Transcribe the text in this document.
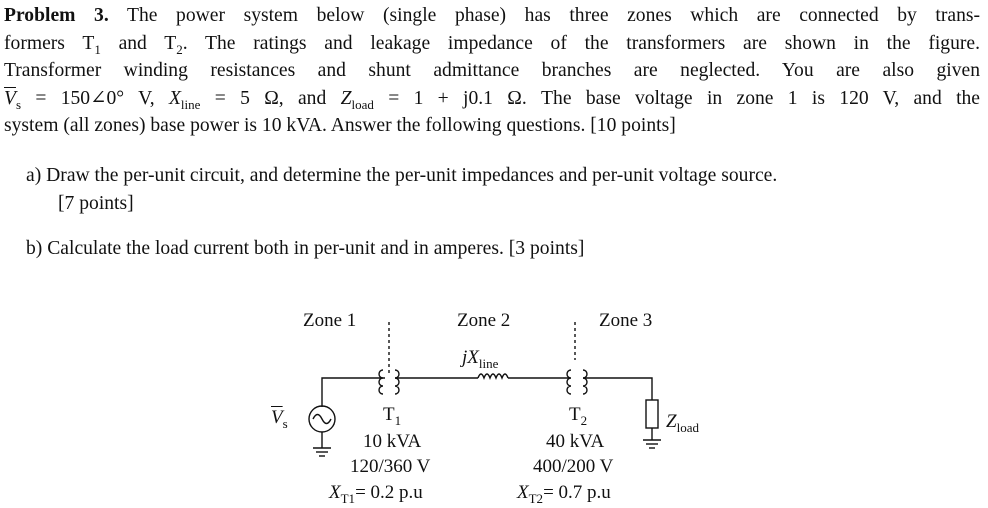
Problem 3. The power system below (single phase) has three zones which are connected by trans-
formers $T_1$ and $T_2$. The ratings and leakage impedance of the transformers are shown in the figure.
Transformer winding resistances and shunt admittance branches are neglected. You are also given
$\overline{V}_s$ = 150∠0° V, $X_{line} = 5$ Ω, and $Z_{load} = 1 + j0.1$ Ω. The base voltage in zone 1 is 120 V, and the
system (all zones) base power is 10 kVA. Answer the following questions. [10 points]
a) Draw the per-unit circuit, and determine the per-unit impedances and per-unit voltage source.
[7 points]
b) Calculate the load current both in per-unit and in amperes. [3 points]
Zone 1	Zone 2	Zone 3
$jX_{line}$
$\overline{V}_s$	$Z_{load}$
$T_1$
10 kVA
120/360 V
$X_{T1}= 0.2$ p.u
$T_2$
40 kVA
400/200 V
$X_{T2}= 0.7$ p.u
